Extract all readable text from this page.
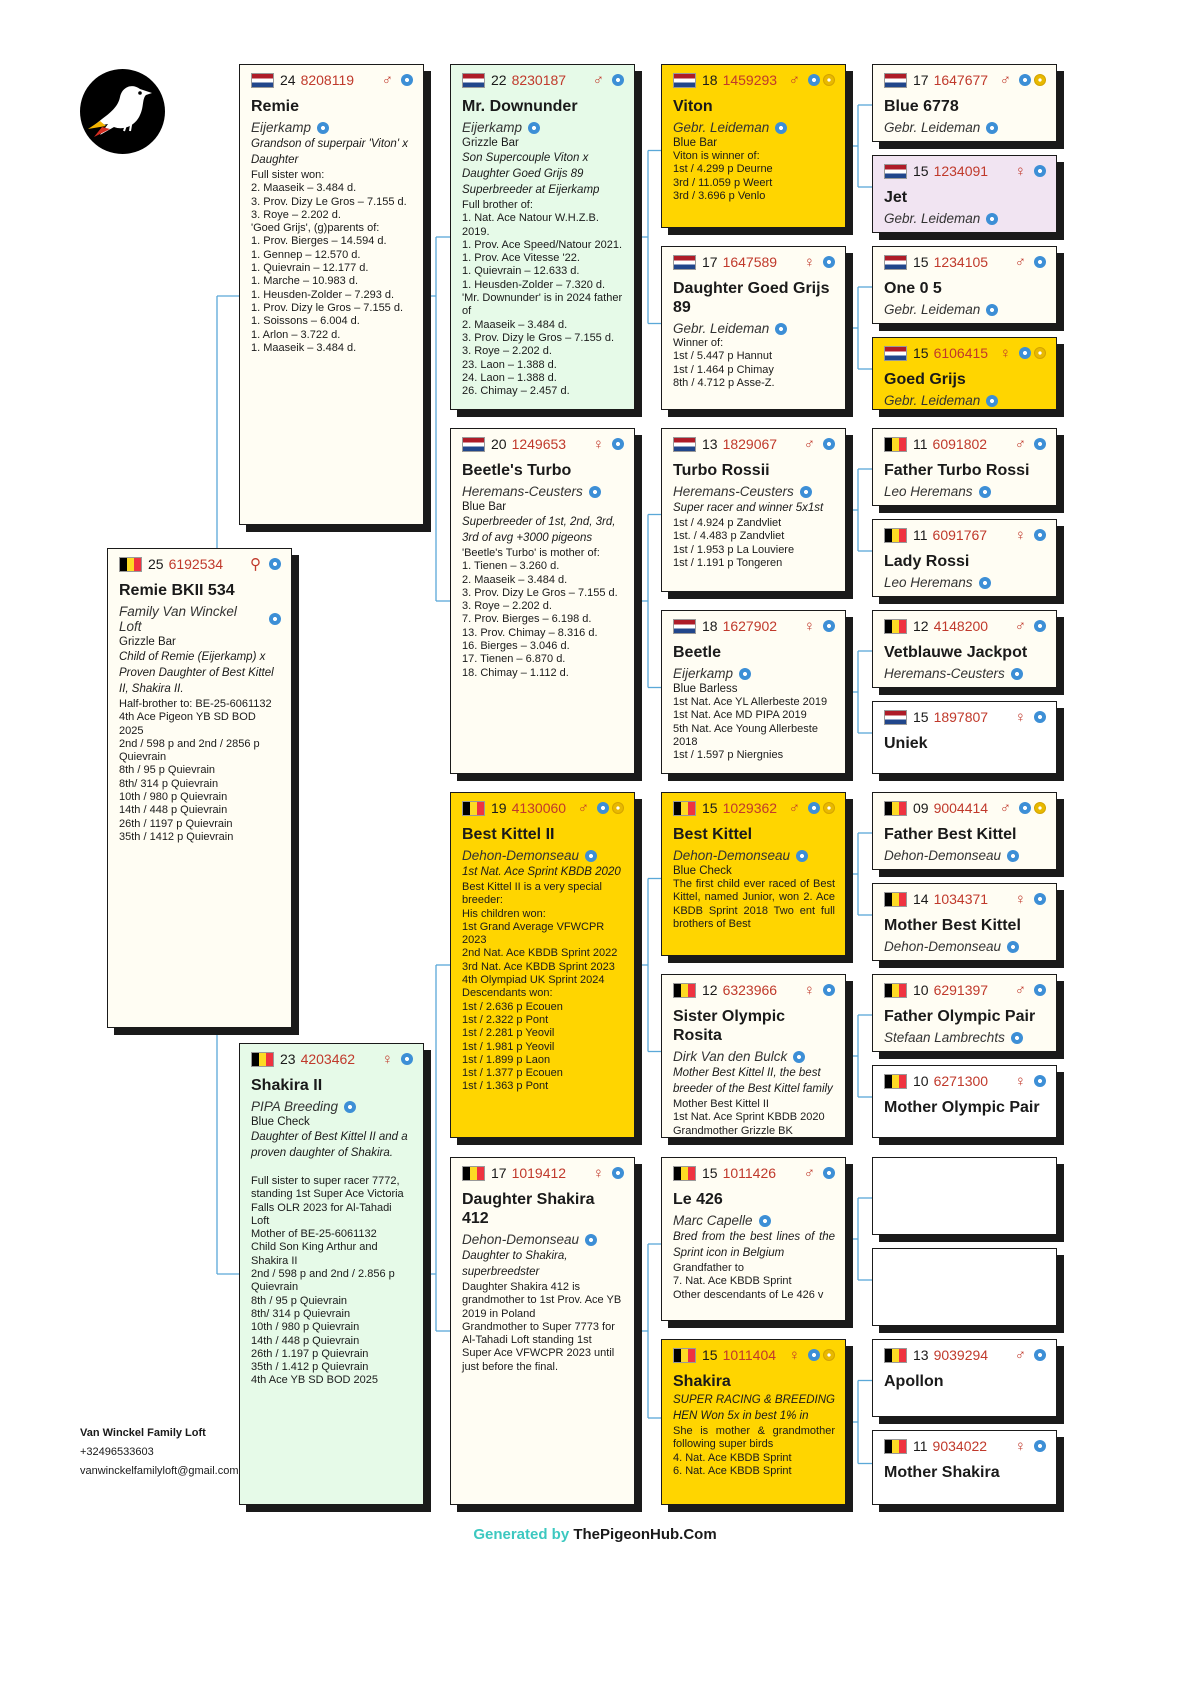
25 6192534 ⚲
Remie BKII 534
Family Van Winckel Loft
Grizzle Bar
Child of Remie (Eijerkamp) x Proven Daughter of Best Kittel II, Shakira II.
Half-brother to: BE-25-6061132
4th Ace Pigeon YB SD BOD 2025
2nd / 598 p and 2nd / 2856 p Quievrain
8th / 95 p Quievrain
8th/ 314 p Quievrain
10th / 980 p Quievrain
14th / 448 p Quievrain
26th / 1197 p Quievrain
35th / 1412 p Quievrain
24 8208119 ♂
Remie
Eijerkamp
Grandson of superpair 'Viton' x Daughter
Full sister won:
2. Maaseik – 3.484 d.
3. Prov. Dizy Le Gros – 7.155 d.
3. Roye – 2.202 d.
'Goed Grijs', (g)parents of:
1. Prov. Bierges – 14.594 d.
1. Gennep – 12.570 d.
1. Quievrain – 12.177 d.
1. Marche – 10.983 d.
1. Heusden-Zolder – 7.293 d.
1. Prov. Dizy le Gros – 7.155 d.
1. Soissons – 6.004 d.
1. Arlon – 3.722 d.
1. Maaseik – 3.484 d.
23 4203462 ♀
Shakira II
PIPA Breeding
Blue Check
Daughter of Best Kittel II and a proven daughter of Shakira.
Full sister to super racer 7772, standing 1st Super Ace Victoria Falls OLR 2023 for Al-Tahadi Loft
Mother of BE-25-6061132
Child Son King Arthur and Shakira II
2nd / 598 p and 2nd / 2.856 p Quievrain
8th / 95 p Quievrain
8th/ 314 p Quievrain
10th / 980 p Quievrain
14th / 448 p Quievrain
26th / 1.197 p Quievrain
35th / 1.412 p Quievrain
4th Ace YB SD BOD 2025
22 8230187 ♂
Mr. Downunder
Eijerkamp
Grizzle Bar
Son Supercouple Viton x Daughter Goed Grijs 89
Superbreeder at Eijerkamp
Full brother of:
1. Nat. Ace Natour W.H.Z.B. 2019.
1. Prov. Ace Speed/Natour 2021.
1. Prov. Ace Vitesse '22.
1. Quievrain – 12.633 d.
1. Heusden-Zolder – 7.320 d.
'Mr. Downunder' is in 2024 father of
2. Maaseik – 3.484 d.
3. Prov. Dizy le Gros – 7.155 d.
3. Roye – 2.202 d.
23. Laon – 1.388 d.
24. Laon – 1.388 d.
26. Chimay – 2.457 d.
20 1249653 ♀
Beetle's Turbo
Heremans-Ceusters
Blue Bar
Superbreeder of 1st, 2nd, 3rd, 3rd of avg +3000 pigeons
'Beetle's Turbo' is mother of:
1. Tienen – 3.260 d.
2. Maaseik – 3.484 d.
3. Prov. Dizy Le Gros – 7.155 d.
3. Roye – 2.202 d.
7. Prov. Bierges – 6.198 d.
13. Prov. Chimay – 8.316 d.
16. Bierges – 3.046 d.
17. Tienen – 6.870 d.
18. Chimay – 1.112 d.
19 4130060 ♂
Best Kittel II
Dehon-Demonseau
1st Nat. Ace Sprint KBDB 2020
Best Kittel II is a very special breeder:
His children won:
1st Grand Average VFWCPR 2023
2nd Nat. Ace KBDB Sprint 2022
3rd Nat. Ace KBDB Sprint 2023
4th Olympiad UK Sprint 2024
Descendants won:
1st / 2.636 p Ecouen
1st / 2.322 p Pont
1st / 2.281 p Yeovil
1st / 1.981 p Yeovil
1st / 1.899 p Laon
1st / 1.377 p Ecouen
1st / 1.363 p Pont
17 1019412 ♀
Daughter Shakira 412
Dehon-Demonseau
Daughter to Shakira, superbreedster
Daughter Shakira 412 is grandmother to 1st Prov. Ace YB 2019 in Poland
Grandmother to Super 7773 for Al-Tahadi Loft standing 1st Super Ace VFWCPR 2023 until just before the final.
18 1459293 ♂
Viton
Gebr. Leideman
Blue Bar
Viton is winner of:
1st / 4.299 p Deurne
3rd / 11.059 p Weert
3rd / 3.696 p Venlo
17 1647589 ♀
Daughter Goed Grijs 89
Gebr. Leideman
Winner of:
1st / 5.447 p Hannut
1st / 1.464 p Chimay
8th / 4.712 p Asse-Z.
13 1829067 ♂
Turbo Rossii
Heremans-Ceusters
Super racer and winner 5x1st
1st / 4.924 p Zandvliet
1st. / 4.483 p Zandvliet
1st / 1.953 p La Louviere
1st / 1.191 p Tongeren
18 1627902 ♀
Beetle
Eijerkamp
Blue Barless
1st Nat. Ace YL Allerbeste 2019
1st Nat. Ace MD PIPA 2019
5th Nat. Ace Young Allerbeste 2018
1st / 1.597 p Niergnies
15 1029362 ♂
Best Kittel
Dehon-Demonseau
Blue Check
The first child ever raced of Best Kittel, named Junior, won 2. Ace KBDB Sprint 2018 Two ent full brothers of Best
12 6323966 ♀
Sister Olympic Rosita
Dirk Van den Bulck
Mother Best Kittel II, the best breeder of the Best Kittel family
Mother Best Kittel II
1st Nat. Ace Sprint KBDB 2020
Grandmother Grizzle BK
15 1011426 ♂
Le 426
Marc Capelle
Bred from the best lines of the Sprint icon in Belgium
Grandfather to
7. Nat. Ace KBDB Sprint
Other descendants of Le 426 v
15 1011404 ♀
Shakira
SUPER RACING & BREEDING HEN Won 5x in best 1% in
She is mother & grandmother following super birds
4. Nat. Ace KBDB Sprint
6. Nat. Ace KBDB Sprint
17 1647677 ♂
Blue 6778
Gebr. Leideman
15 1234091 ♀
Jet
Gebr. Leideman
15 1234105 ♂
One 0 5
Gebr. Leideman
15 6106415 ♀
Goed Grijs
Gebr. Leideman
11 6091802 ♂
Father Turbo Rossi
Leo Heremans
11 6091767 ♀
Lady Rossi
Leo Heremans
12 4148200 ♂
Vetblauwe Jackpot
Heremans-Ceusters
15 1897807 ♀
Uniek
09 9004414 ♂
Father Best Kittel
Dehon-Demonseau
14 1034371 ♀
Mother Best Kittel
Dehon-Demonseau
10 6291397 ♂
Father Olympic Pair
Stefaan Lambrechts
10 6271300 ♀
Mother Olympic Pair
13 9039294 ♂
Apollon
11 9034022 ♀
Mother Shakira
Van Winckel Family Loft
+32496533603
vanwinckelfamilyloft@gmail.com
Generated by ThePigeonHub.Com
